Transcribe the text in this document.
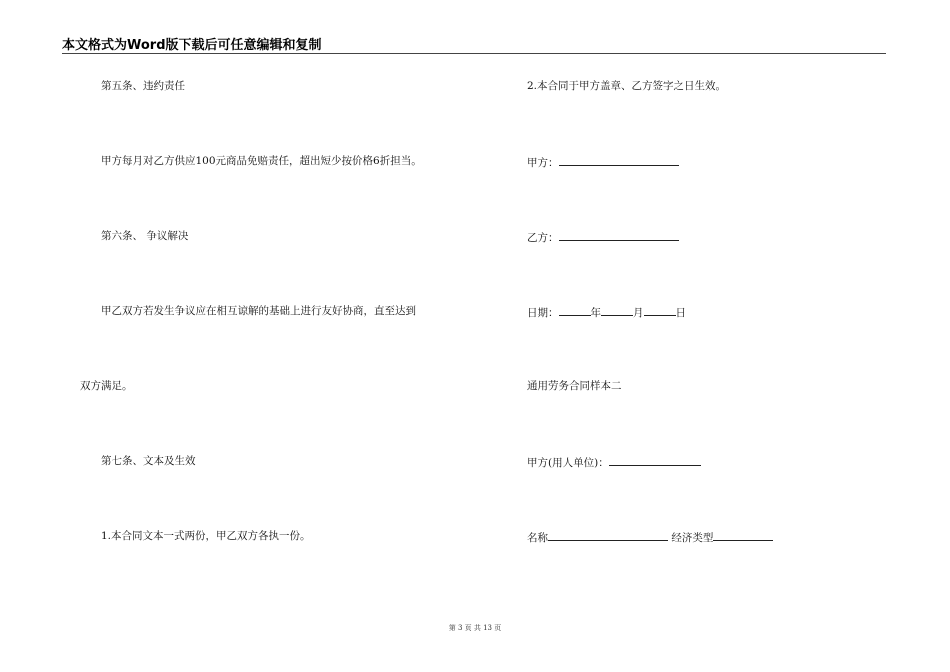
本文格式为Word版下载后可任意编辑和复制
第五条、违约责任
甲方每月对乙方供应100元商品免赔责任，超出短少按价格6折担当。
第六条、 争议解决
甲乙双方若发生争议应在相互谅解的基础上进行友好协商，直至达到
双方满足。
第七条、文本及生效
1.本合同文本一式两份，甲乙双方各执一份。
2.本合同于甲方盖章、乙方签字之日生效。
甲方：
乙方：
日期：	年	月	日
通用劳务合同样本二
甲方(用人单位)：
名称	经济类型
第 3 页 共 13 页
